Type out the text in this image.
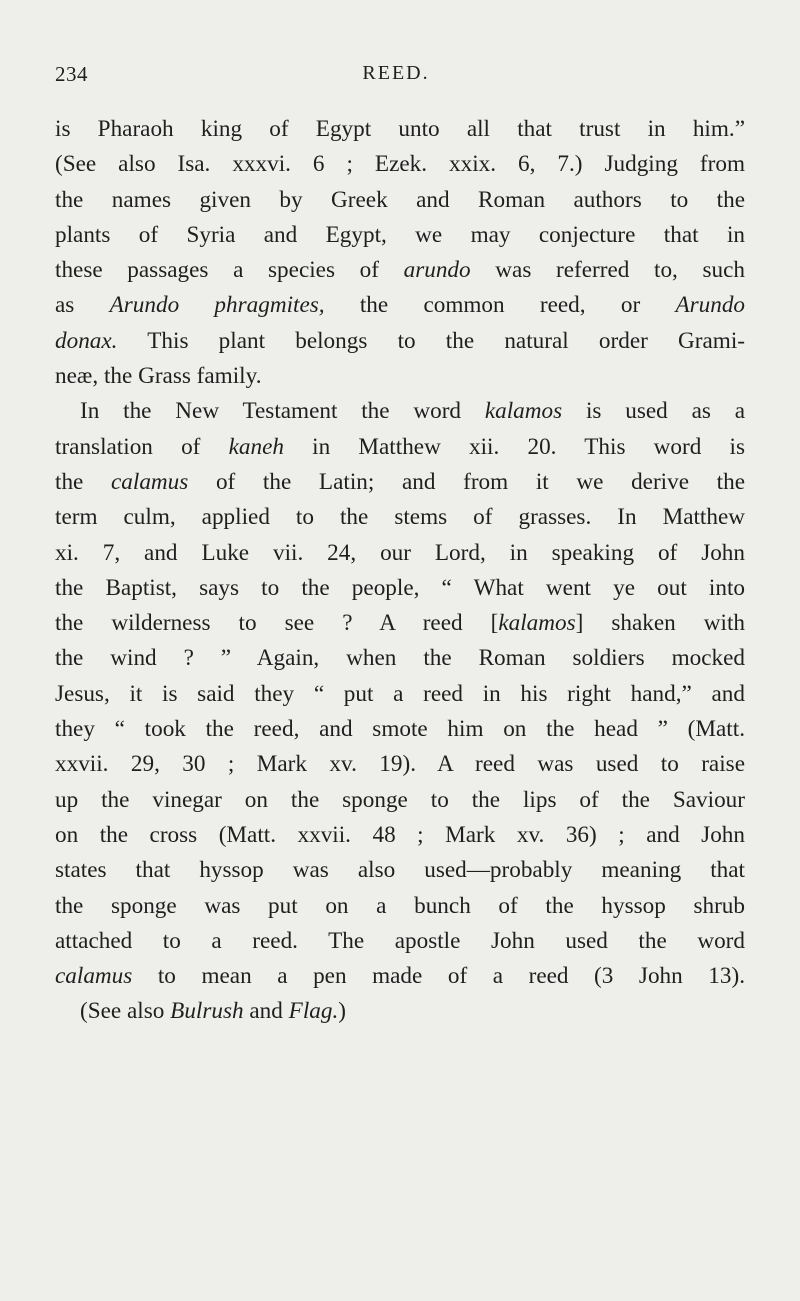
234	REED.
is Pharaoh king of Egypt unto all that trust in him.”
(See also Isa. xxxvi. 6 ; Ezek. xxix. 6, 7.) Judging from
the names given by Greek and Roman authors to the
plants of Syria and Egypt, we may conjecture that in
these passages a species of arundo was referred to, such
as Arundo phragmites, the common reed, or Arundo
donax. This plant belongs to the natural order Grami-
neæ, the Grass family.
In the New Testament the word kalamos is used as a
translation of kaneh in Matthew xii. 20. This word is
the calamus of the Latin; and from it we derive the
term culm, applied to the stems of grasses. In Matthew
xi. 7, and Luke vii. 24, our Lord, in speaking of John
the Baptist, says to the people, “ What went ye out into
the wilderness to see ? A reed [kalamos] shaken with
the wind ? ” Again, when the Roman soldiers mocked
Jesus, it is said they “ put a reed in his right hand,” and
they “ took the reed, and smote him on the head ” (Matt.
xxvii. 29, 30 ; Mark xv. 19). A reed was used to raise
up the vinegar on the sponge to the lips of the Saviour
on the cross (Matt. xxvii. 48 ; Mark xv. 36) ; and John
states that hyssop was also used—probably meaning that
the sponge was put on a bunch of the hyssop shrub
attached to a reed. The apostle John used the word
calamus to mean a pen made of a reed (3 John 13).
(See also Bulrush and Flag.)
